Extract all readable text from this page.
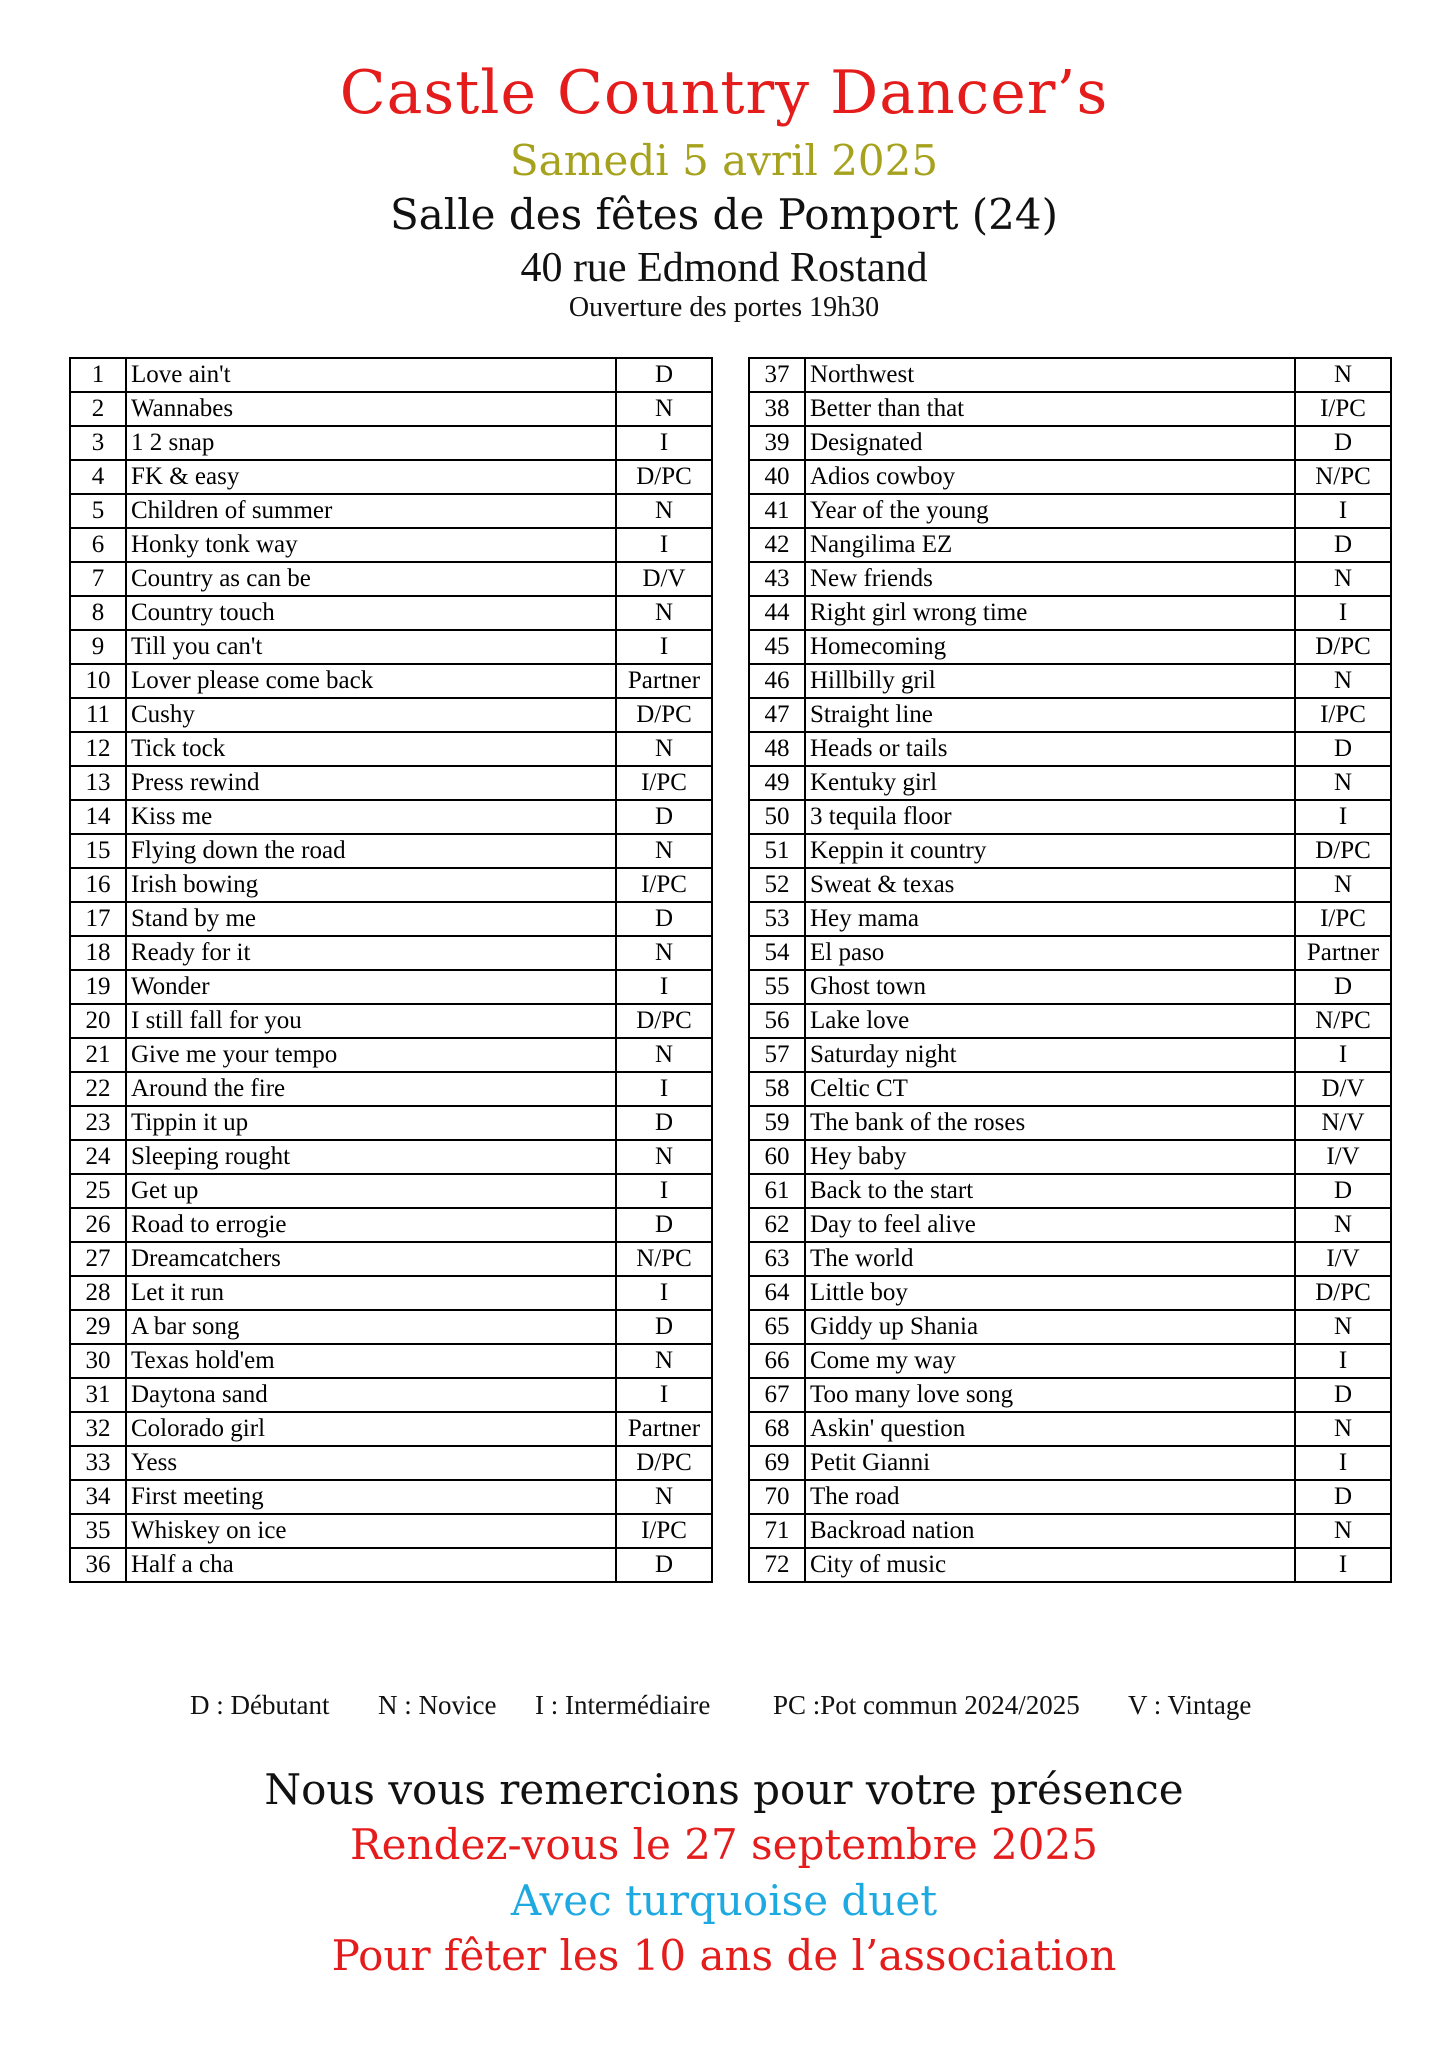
Castle Country Dancer’s
Samedi 5 avril 2025
Salle des fêtes de Pomport (24)
40 rue Edmond Rostand
Ouverture des portes 19h30
1	Love ain't	D
2	Wannabes	N
3	1 2 snap	I
4	FK & easy	D/PC
5	Children of summer	N
6	Honky tonk way	I
7	Country as can be	D/V
8	Country touch	N
9	Till you can't	I
10	Lover please come back	Partner
11	Cushy	D/PC
12	Tick tock	N
13	Press rewind	I/PC
14	Kiss me	D
15	Flying down the road	N
16	Irish bowing	I/PC
17	Stand by me	D
18	Ready for it	N
19	Wonder	I
20	I still fall for you	D/PC
21	Give me your tempo	N
22	Around the fire	I
23	Tippin it up	D
24	Sleeping rought	N
25	Get up	I
26	Road to errogie	D
27	Dreamcatchers	N/PC
28	Let it run	I
29	A bar song	D
30	Texas hold'em	N
31	Daytona sand	I
32	Colorado girl	Partner
33	Yess	D/PC
34	First meeting	N
35	Whiskey on ice	I/PC
36	Half a cha	D
37	Northwest	N
38	Better than that	I/PC
39	Designated	D
40	Adios cowboy	N/PC
41	Year of the young	I
42	Nangilima EZ	D
43	New friends	N
44	Right girl wrong time	I
45	Homecoming	D/PC
46	Hillbilly gril	N
47	Straight line	I/PC
48	Heads or tails	D
49	Kentuky girl	N
50	3 tequila floor	I
51	Keppin it country	D/PC
52	Sweat & texas	N
53	Hey mama	I/PC
54	El paso	Partner
55	Ghost town	D
56	Lake love	N/PC
57	Saturday night	I
58	Celtic CT	D/V
59	The bank of the roses	N/V
60	Hey baby	I/V
61	Back to the start	D
62	Day to feel alive	N
63	The world	I/V
64	Little boy	D/PC
65	Giddy up Shania	N
66	Come my way	I
67	Too many love song	D
68	Askin' question	N
69	Petit Gianni	I
70	The road	D
71	Backroad nation	N
72	City of music	I
D : Débutant N : Novice I : Intermédiaire PC :Pot commun 2024/2025 V : Vintage
Nous vous remercions pour votre présence
Rendez-vous le 27 septembre 2025
Avec turquoise duet
Pour fêter les 10 ans de l’association
